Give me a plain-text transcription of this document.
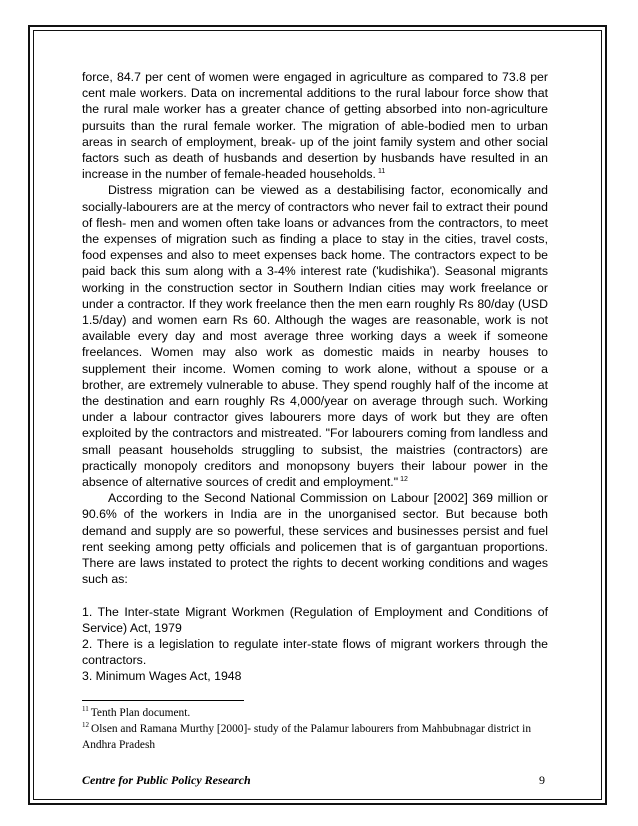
force, 84.7 per cent of women were engaged in agriculture as compared to 73.8 per cent male workers. Data on incremental additions to the rural labour force show that the rural male worker has a greater chance of getting absorbed into non-agriculture pursuits than the rural female worker. The migration of able-bodied men to urban areas in search of employment, break- up of the joint family system and other social factors such as death of husbands and desertion by husbands have resulted in an increase in the number of female-headed households. $^{11}$

Distress migration can be viewed as a destabilising factor, economically and socially-labourers are at the mercy of contractors who never fail to extract their pound of flesh- men and women often take loans or advances from the contractors, to meet the expenses of migration such as finding a place to stay in the cities, travel costs, food expenses and also to meet expenses back home. The contractors expect to be paid back this sum along with a 3-4% interest rate ('kudishika'). Seasonal migrants working in the construction sector in Southern Indian cities may work freelance or under a contractor. If they work freelance then the men earn roughly Rs 80/day (USD 1.5/day) and women earn Rs 60. Although the wages are reasonable, work is not available every day and most average three working days a week if someone freelances. Women may also work as domestic maids in nearby houses to supplement their income. Women coming to work alone, without a spouse or a brother, are extremely vulnerable to abuse. They spend roughly half of the income at the destination and earn roughly Rs 4,000/year on average through such. Working under a labour contractor gives labourers more days of work but they are often exploited by the contractors and mistreated. "For labourers coming from landless and small peasant households struggling to subsist, the maistries (contractors) are practically monopoly creditors and monopsony buyers their labour power in the absence of alternative sources of credit and employment." $^{12}$

According to the Second National Commission on Labour [2002] 369 million or 90.6% of the workers in India are in the unorganised sector. But because both demand and supply are so powerful, these services and businesses persist and fuel rent seeking among petty officials and policemen that is of gargantuan proportions. There are laws instated to protect the rights to decent working conditions and wages such as:

1. The Inter-state Migrant Workmen (Regulation of Employment and Conditions of Service) Act, 1979

2. There is a legislation to regulate inter-state flows of migrant workers through the contractors.

3. Minimum Wages Act, 1948

$^{11}$ Tenth Plan document.

$^{12}$ Olsen and Ramana Murthy [2000]- study of the Palamur labourers from Mahbubnagar district in Andhra Pradesh

Centre for Public Policy Research	9
